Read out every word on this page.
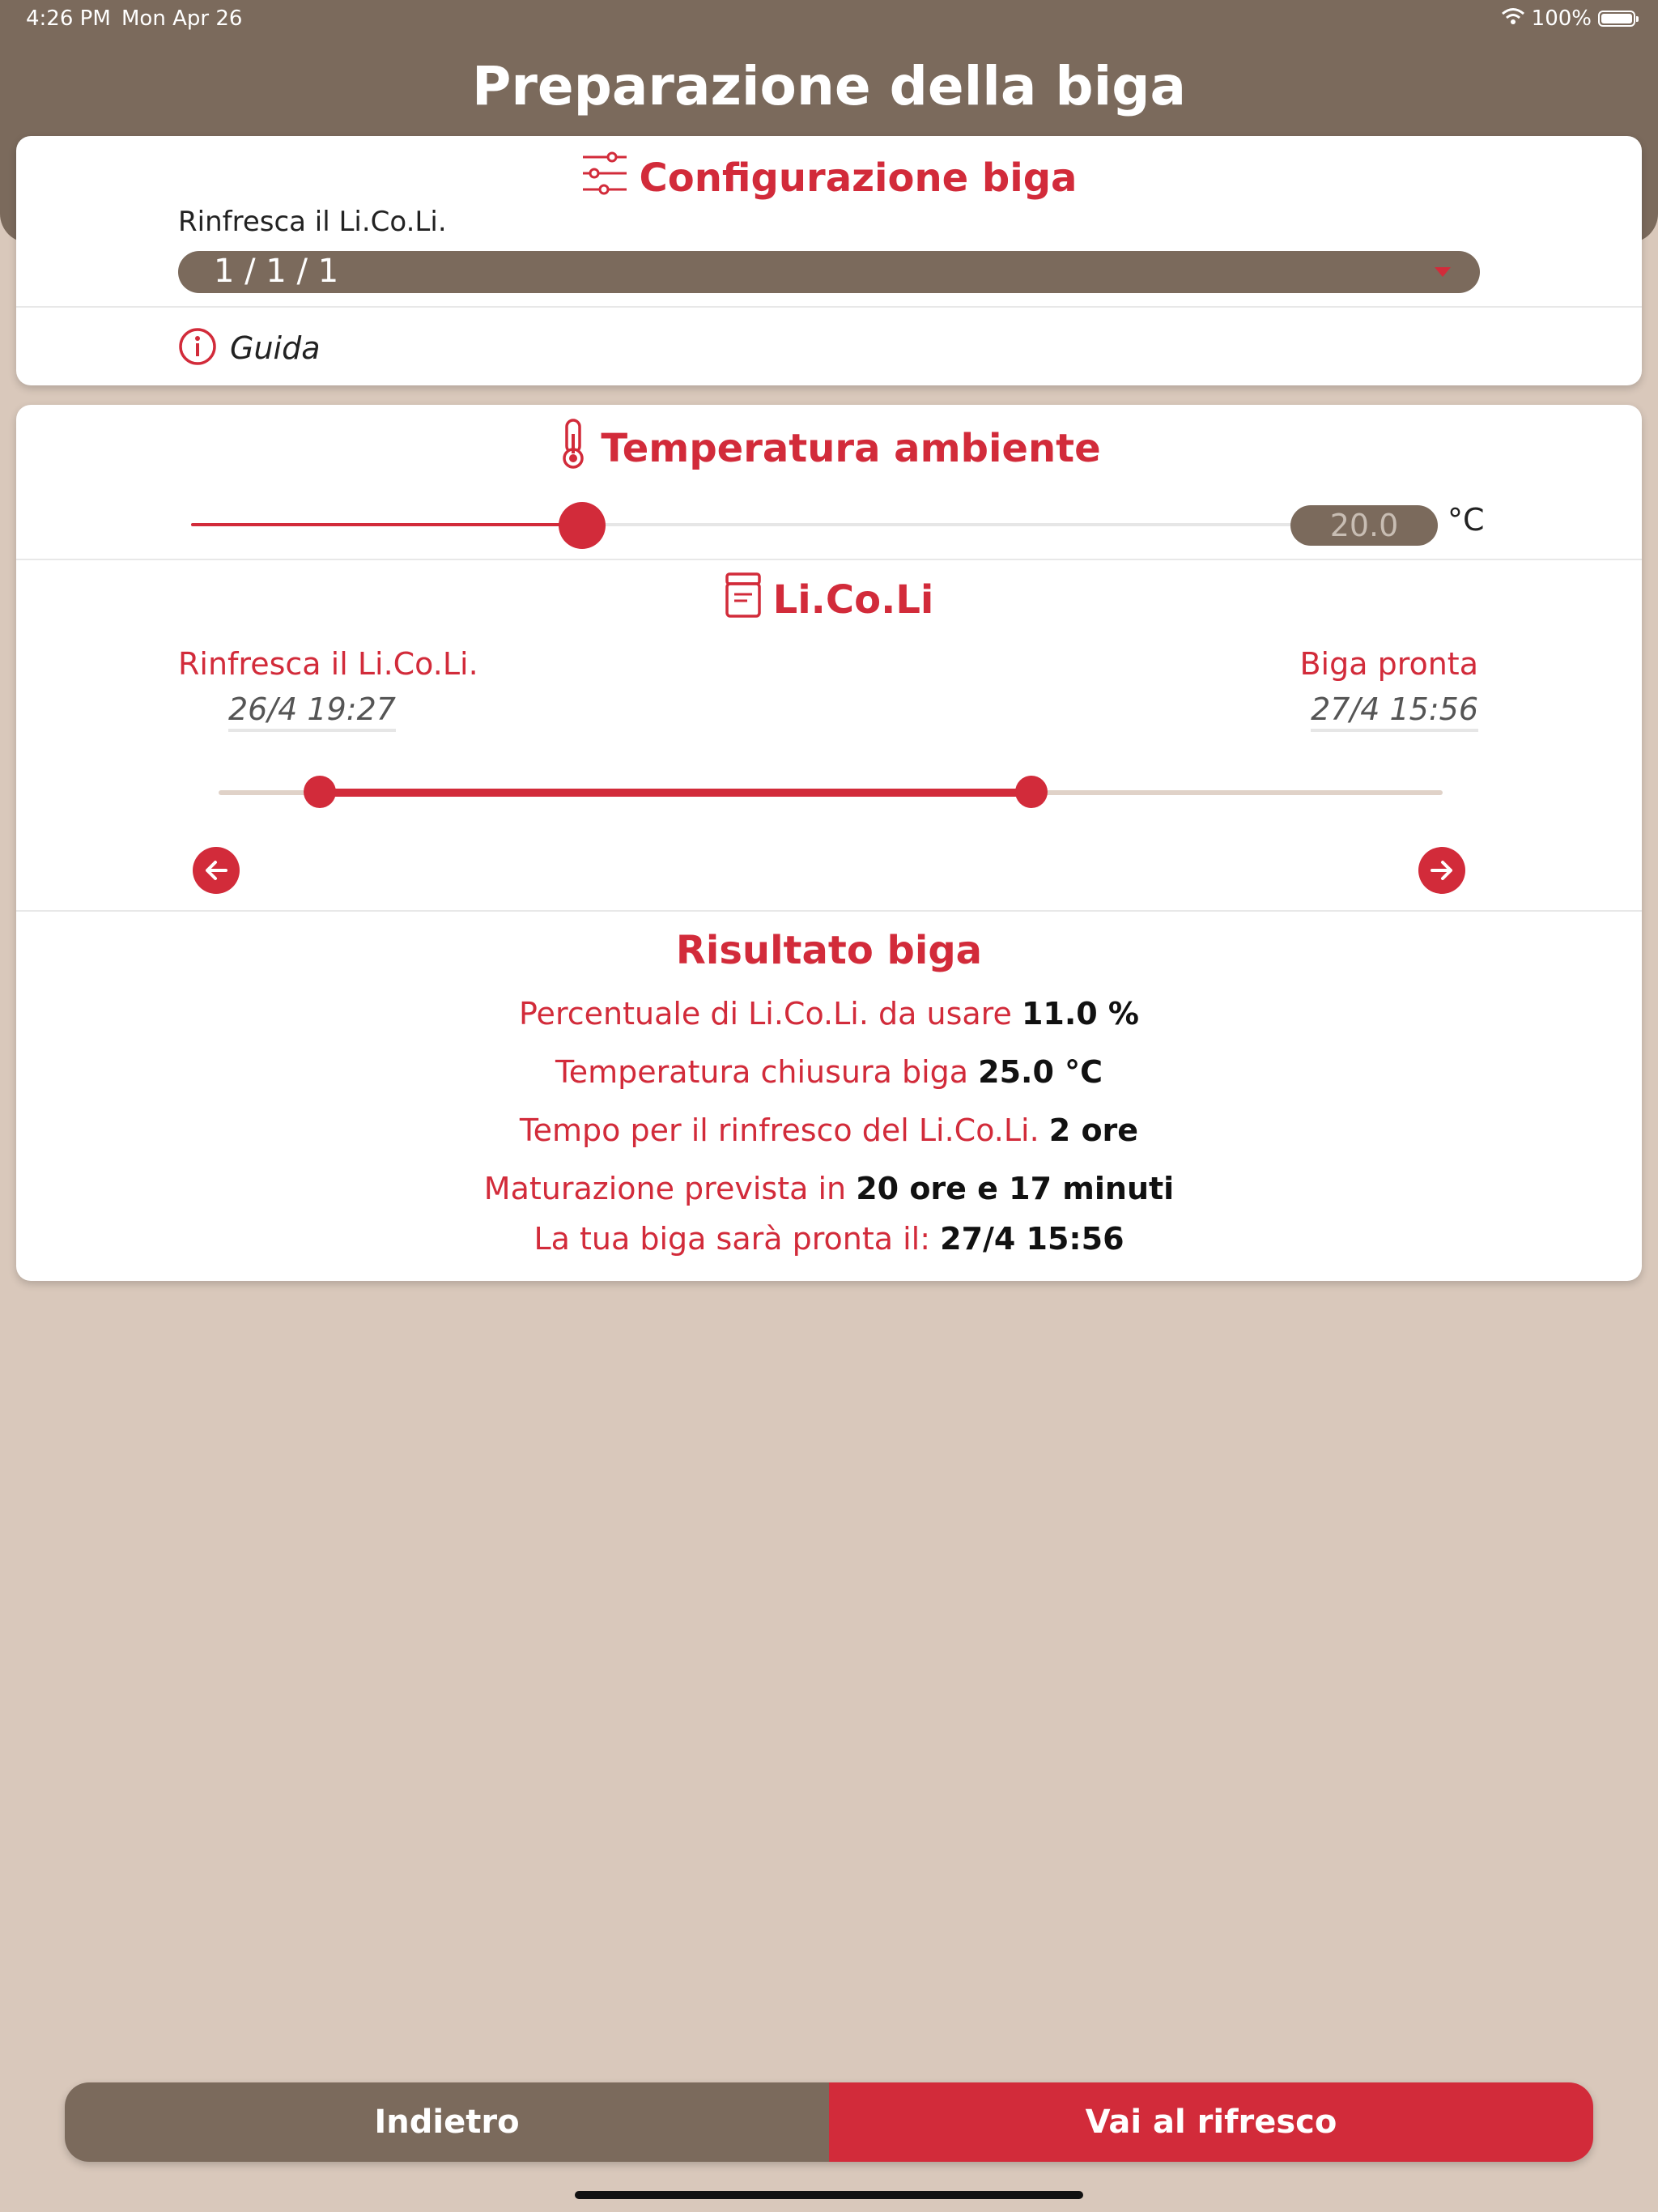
4:26 PM Mon Apr 26	100%
Preparazione della biga
Configurazione biga
Rinfresca il Li.Co.Li.
1 / 1 / 1
Guida
Temperatura ambiente
20.0	°C
Li.Co.Li
Rinfresca il Li.Co.Li.
26/4 19:27
Biga pronta
27/4 15:56
Risultato biga
Percentuale di Li.Co.Li. da usare 11.0 %
Temperatura chiusura biga 25.0 °C
Tempo per il rinfresco del Li.Co.Li. 2 ore
Maturazione prevista in 20 ore e 17 minuti
La tua biga sarà pronta il: 27/4 15:56
Indietro	Vai al rifresco
